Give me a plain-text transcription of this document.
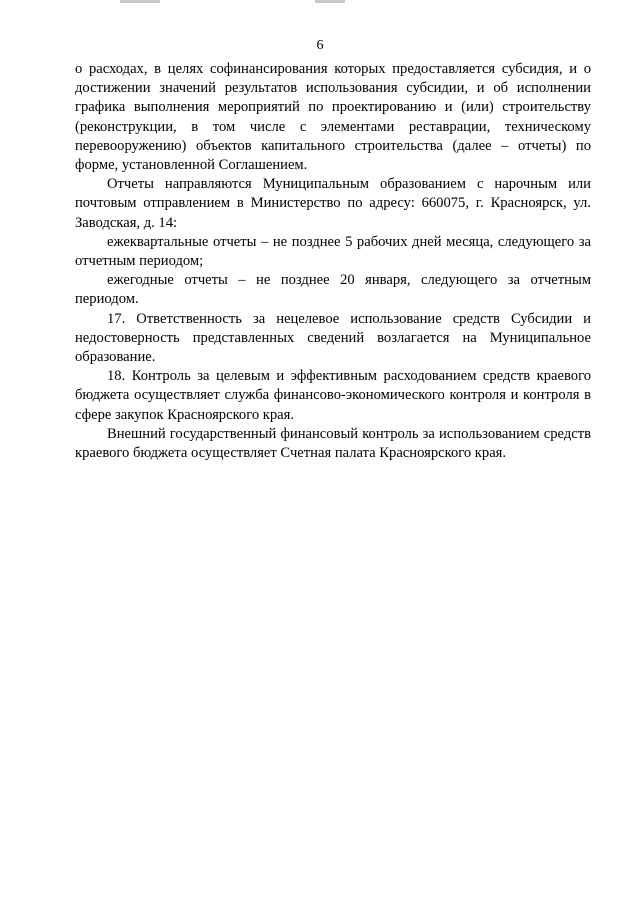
6

о расходах, в целях софинансирования которых предоставляется субсидия, и о достижении значений результатов использования субсидии, и об исполнении графика выполнения мероприятий по проектированию и (или) строительству (реконструкции, в том числе с элементами реставрации, техническому перевооружению) объектов капитального строительства (далее – отчеты) по форме, установленной Соглашением.

Отчеты направляются Муниципальным образованием с нарочным или почтовым отправлением в Министерство по адресу: 660075, г. Красноярск, ул. Заводская, д. 14:

ежеквартальные отчеты – не позднее 5 рабочих дней месяца, следующего за отчетным периодом;

ежегодные отчеты – не позднее 20 января, следующего за отчетным периодом.

17. Ответственность за нецелевое использование средств Субсидии и недостоверность представленных сведений возлагается на Муниципальное образование.

18. Контроль за целевым и эффективным расходованием средств краевого бюджета осуществляет служба финансово-экономического контроля и контроля в сфере закупок Красноярского края.

Внешний государственный финансовый контроль за использованием средств краевого бюджета осуществляет Счетная палата Красноярского края.
